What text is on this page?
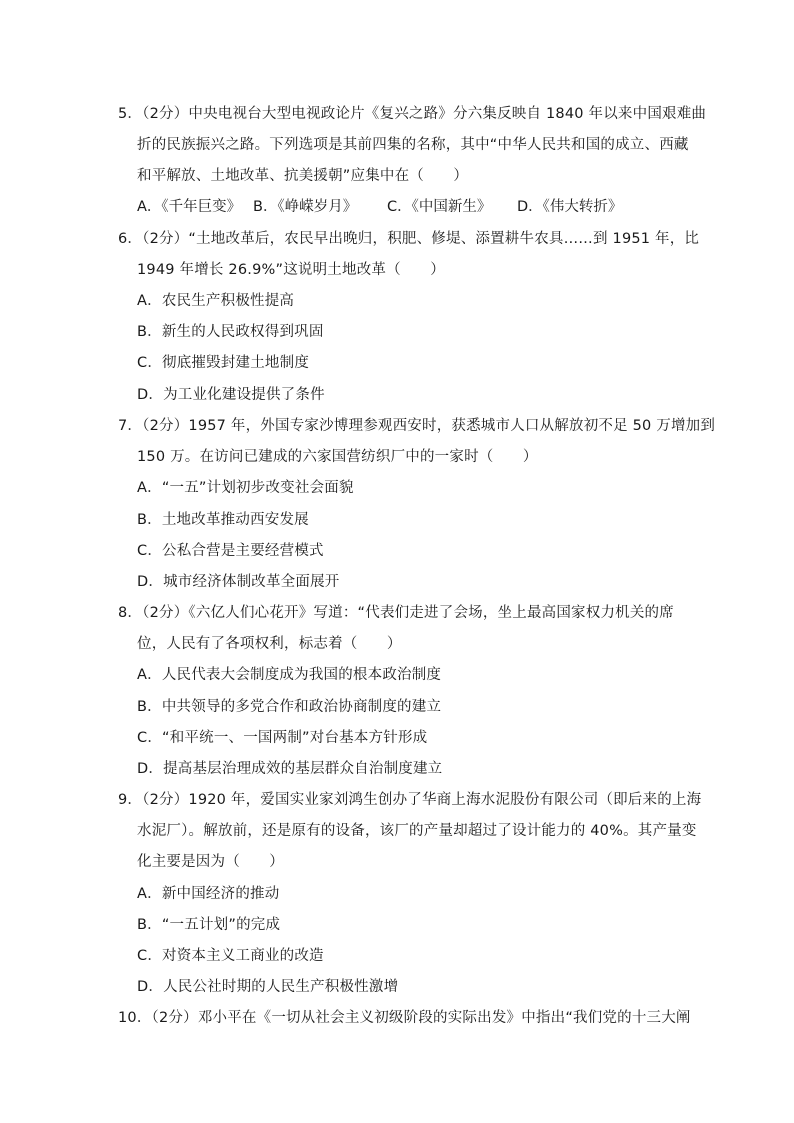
5．（2分）中央电视台大型电视政论片《复兴之路》分六集反映自 1840 年以来中国艰难曲
折的民族振兴之路。下列选项是其前四集的名称，其中“中华人民共和国的成立、西藏
和平解放、土地改革、抗美援朝”应集中在（　　）
A．《千年巨变》 B．《峥嵘岁月》 C．《中国新生》 D．《伟大转折》
6．（2分）“土地改革后，农民早出晚归，积肥、修堤、添置耕牛农具……到 1951 年，比
1949 年增长 26.9%”这说明土地改革（　　）
A．农民生产积极性提高
B．新生的人民政权得到巩固
C．彻底摧毁封建土地制度
D．为工业化建设提供了条件
7．（2分）1957 年，外国专家沙博理参观西安时，获悉城市人口从解放初不足 50 万增加到
150 万。在访问已建成的六家国营纺织厂中的一家时（　　）
A．“一五”计划初步改变社会面貌
B．土地改革推动西安发展
C．公私合营是主要经营模式
D．城市经济体制改革全面展开
8．（2分）《六亿人们心花开》写道：“代表们走进了会场，坐上最高国家权力机关的席
位，人民有了各项权利，标志着（　　）
A．人民代表大会制度成为我国的根本政治制度
B．中共领导的多党合作和政治协商制度的建立
C．“和平统一、一国两制”对台基本方针形成
D．提高基层治理成效的基层群众自治制度建立
9．（2分）1920 年，爱国实业家刘鸿生创办了华商上海水泥股份有限公司（即后来的上海
水泥厂）。解放前，还是原有的设备，该厂的产量却超过了设计能力的 40%。其产量变
化主要是因为（　　）
A．新中国经济的推动
B．“一五计划”的完成
C．对资本主义工商业的改造
D．人民公社时期的人民生产积极性激增
10．（2分）邓小平在《一切从社会主义初级阶段的实际出发》中指出“我们党的十三大阐
